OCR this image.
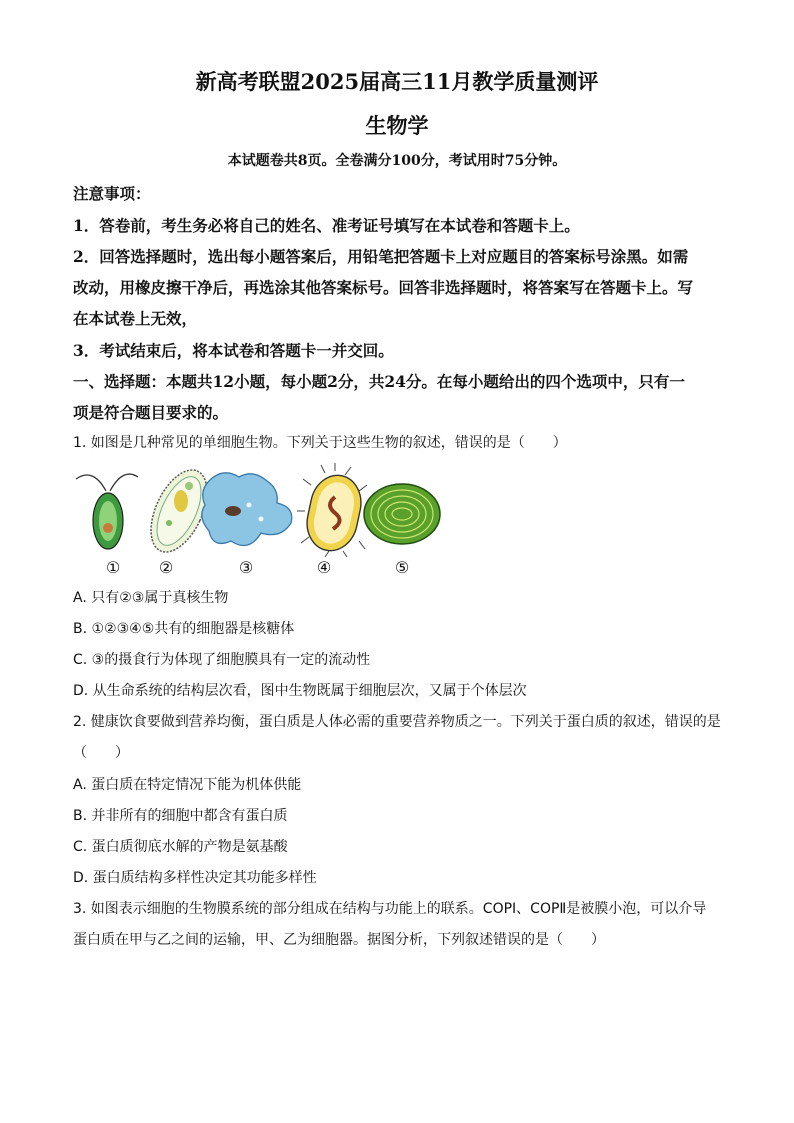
新高考联盟2025届高三11月教学质量测评
生物学
本试题卷共8页。全卷满分100分，考试用时75分钟。
注意事项：
1．答卷前，考生务必将自己的姓名、准考证号填写在本试卷和答题卡上。
2．回答选择题时，选出每小题答案后，用铅笔把答题卡上对应题目的答案标号涂黑。如需
改动，用橡皮擦干净后，再选涂其他答案标号。回答非选择题时，将答案写在答题卡上。写
在本试卷上无效，
3．考试结束后，将本试卷和答题卡一并交回。
一、选择题：本题共12小题，每小题2分，共24分。在每小题给出的四个选项中，只有一
项是符合题目要求的。
1. 如图是几种常见的单细胞生物。下列关于这些生物的叙述，错误的是（　　）
①	②	③	④	⑤
A. 只有②③属于真核生物
B. ①②③④⑤共有的细胞器是核糖体
C. ③的摄食行为体现了细胞膜具有一定的流动性
D. 从生命系统的结构层次看，图中生物既属于细胞层次，又属于个体层次
2. 健康饮食要做到营养均衡，蛋白质是人体必需的重要营养物质之一。下列关于蛋白质的叙述，错误的是
（　　）
A. 蛋白质在特定情况下能为机体供能
B. 并非所有的细胞中都含有蛋白质
C. 蛋白质彻底水解的产物是氨基酸
D. 蛋白质结构多样性决定其功能多样性
3. 如图表示细胞的生物膜系统的部分组成在结构与功能上的联系。COPⅠ、COPⅡ是被膜小泡，可以介导
蛋白质在甲与乙之间的运输，甲、乙为细胞器。据图分析，下列叙述错误的是（　　）
